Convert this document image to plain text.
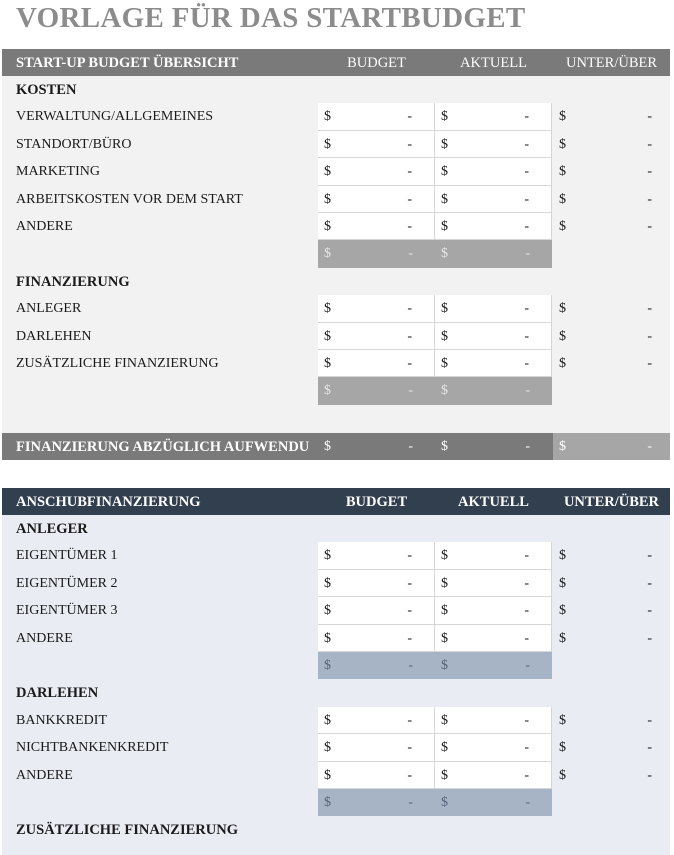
VORLAGE FÜR DAS STARTBUDGET
START-UP BUDGET ÜBERSICHT	BUDGET	AKTUELL	UNTER/ÜBER
KOSTEN
VERWALTUNG/ALLGEMEINES	$	- $	- $	-
STANDORT/BÜRO	$	- $	- $	-
MARKETING	$	- $	- $	-
ARBEITSKOSTEN VOR DEM START	$	- $	- $	-
ANDERE	$	- $	- $	-
$	- $	-
FINANZIERUNG
ANLEGER	$	- $	- $	-
DARLEHEN	$	- $	- $	-
ZUSÄTZLICHE FINANZIERUNG	$	- $	- $	-
$	- $	-
FINANZIERUNG ABZÜGLICH AUFWENDU $	- $	- $	-
ANSCHUBFINANZIERUNG	BUDGET	AKTUELL	UNTER/ÜBER
ANLEGER
EIGENTÜMER 1	$	- $	- $	-
EIGENTÜMER 2	$	- $	- $	-
EIGENTÜMER 3	$	- $	- $	-
ANDERE	$	- $	- $	-
$	- $	-
DARLEHEN
BANKKREDIT	$	- $	- $	-
NICHTBANKENKREDIT	$	- $	- $	-
ANDERE	$	- $	- $	-
$	- $	-
ZUSÄTZLICHE FINANZIERUNG
